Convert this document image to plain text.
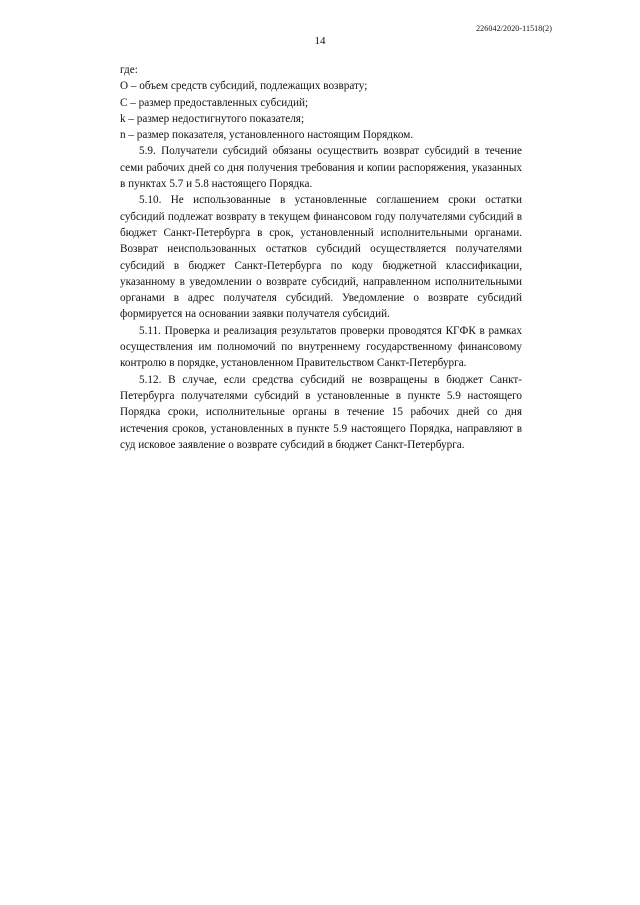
226042/2020-11518(2)
14

где:

O – объем средств субсидий, подлежащих возврату;

C – размер предоставленных субсидий;

k – размер недостигнутого показателя;

n – размер показателя, установленного настоящим Порядком.

5.9. Получатели субсидий обязаны осуществить возврат субсидий в течение семи рабочих дней со дня получения требования и копии распоряжения, указанных в пунктах 5.7 и 5.8 настоящего Порядка.

5.10. Не использованные в установленные соглашением сроки остатки субсидий подлежат возврату в текущем финансовом году получателями субсидий в бюджет Санкт-Петербурга в срок, установленный исполнительными органами. Возврат неиспользованных остатков субсидий осуществляется получателями субсидий в бюджет Санкт-Петербурга по коду бюджетной классификации, указанному в уведомлении о возврате субсидий, направленном исполнительными органами в адрес получателя субсидий. Уведомление о возврате субсидий формируется на основании заявки получателя субсидий.

5.11. Проверка и реализация результатов проверки проводятся КГФК в рамках осуществления им полномочий по внутреннему государственному финансовому контролю в порядке, установленном Правительством Санкт-Петербурга.

5.12. В случае, если средства субсидий не возвращены в бюджет Санкт-Петербурга получателями субсидий в установленные в пункте 5.9 настоящего Порядка сроки, исполнительные органы в течение 15 рабочих дней со дня истечения сроков, установленных в пункте 5.9 настоящего Порядка, направляют в суд исковое заявление о возврате субсидий в бюджет Санкт-Петербурга.
